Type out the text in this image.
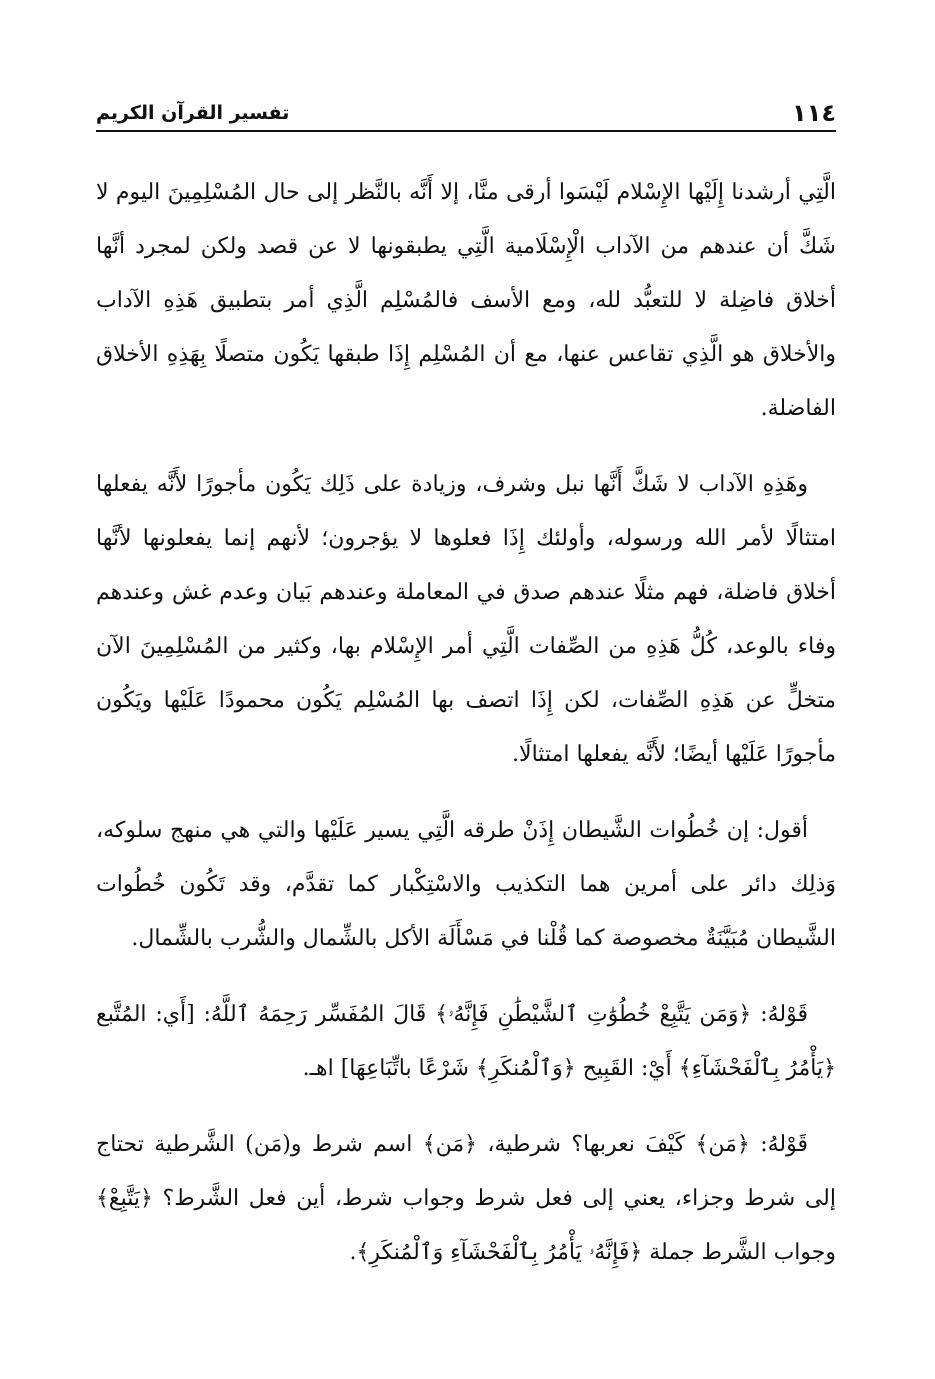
١١٤
تفسير القرآن الكريم

الَّتِي أرشدنا إِلَيْها الإِسْلام لَيْسَوا أرقى منَّا، إلا أَنَّه بالنَّظر إلى حال المُسْلِمِينَ اليوم لا شَكَّ أن عندهم من الآداب الْإِسْلَامية الَّتِي يطبقونها لا عن قصد ولكن لمجرد أنَّها أخلاق فاضِلة لا للتعبُّد لله، ومع الأسف فالمُسْلِم الَّذِي أمر بتطبيق هَذِهِ الآداب والأخلاق هو الَّذِي تقاعس عنها، مع أن المُسْلِم إِذَا طبقها يَكُون متصلًا بِهَذِهِ الأخلاق الفاضلة.

وهَذِهِ الآداب لا شَكَّ أَنَّها نبل وشرف، وزيادة على ذَلِك يَكُون مأجورًا لأَنَّه يفعلها امتثالًا لأمر الله ورسوله، وأولئك إِذَا فعلوها لا يؤجرون؛ لأنهم إنما يفعلونها لأنَّها أخلاق فاضلة، فهم مثلًا عندهم صدق في المعاملة وعندهم بَيان وعدم غش وعندهم وفاء بالوعد، كُلُّ هَذِهِ من الصِّفات الَّتِي أمر الإِسْلام بها، وكثير من المُسْلِمِينَ الآن متخلٍّ عن هَذِهِ الصِّفات، لكن إِذَا اتصف بها المُسْلِم يَكُون محمودًا عَلَيْها ويَكُون مأجورًا عَلَيْها أيضًا؛ لأَنَّه يفعلها امتثالًا.

أقول: إن خُطُوات الشَّيطان إِذَنْ طرقه الَّتِي يسير عَلَيْها والتي هي منهج سلوكه، وَذلِك دائر على أمرين هما التكذيب والاسْتِكْبار كما تقدَّم، وقد تَكُون خُطُوات الشَّيطان مُبَيَّنَةٌ مخصوصة كما قُلْنا في مَسْأَلَة الأكل بالشِّمال والشُّرب بالشِّمال.

قَوْلهُ: ﴿وَمَن يَتَّبِعْ خُطُوَٰتِ ٱلشَّيْطَٰنِ فَإِنَّهُۥ﴾ قَالَ المُفَسِّر رَحِمَهُ ٱللَّهُ: [أَي: المُتَّبع ﴿يَأْمُرُ بِٱلْفَحْشَآءِ﴾ أَيْ: القَبِيح ﴿وَٱلْمُنكَرِ﴾ شَرْعًا باتِّبَاعِهَا] اهـ.

قَوْلهُ: ﴿مَن﴾ كَيْفَ نعربها؟ شرطية، ﴿مَن﴾ اسم شرط و(مَن) الشَّرطية تحتاج إلى شرط وجزاء، يعني إلى فعل شرط وجواب شرط، أين فعل الشَّرط؟ ﴿يَتَّبِعْ﴾ وجواب الشَّرط جملة ﴿فَإِنَّهُۥ يَأْمُرُ بِٱلْفَحْشَآءِ وَٱلْمُنكَرِ﴾.
